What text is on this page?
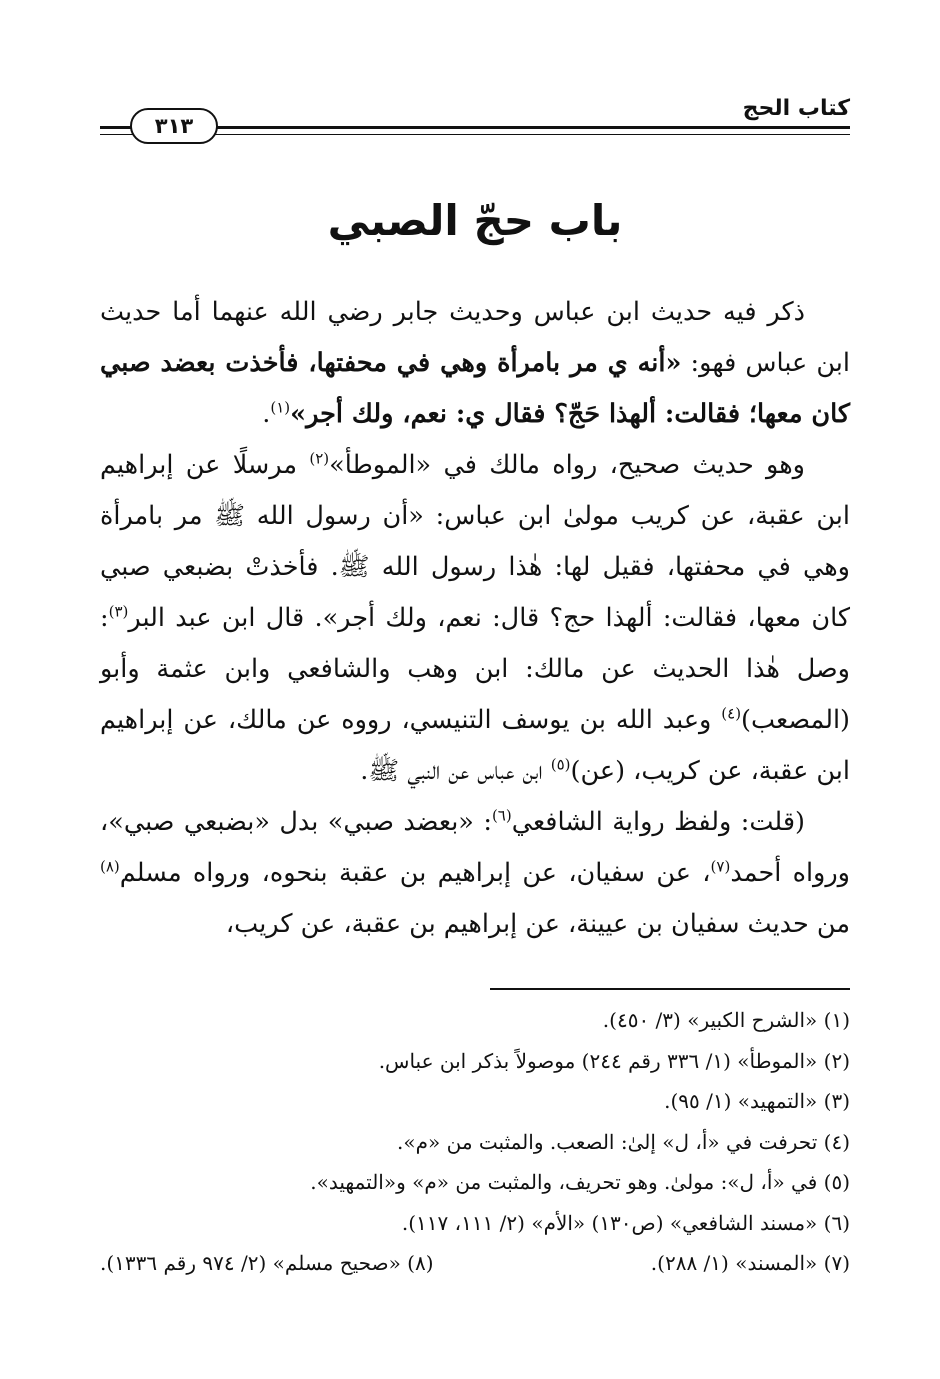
كتاب الحج
٣١٣
باب حجّ الصبي

ذكر فيه حديث ابن عباس وحديث جابر رضي الله عنهما أما حديث ابن عباس فهو: «أنه ي مر بامرأة وهي في محفتها، فأخذت بعضد صبي كان معها؛ فقالت: ألهذا حَجّ؟ فقال ي: نعم، ولك أجر»$^{(١)}$.

وهو حديث صحيح، رواه مالك في «الموطأ»$^{(٢)}$ مرسلًا عن إبراهيم ابن عقبة، عن كريب مولىٰ ابن عباس: «أن رسول الله ﷺ مر بامرأة وهي في محفتها، فقيل لها: هٰذا رسول الله ﷺ. فأخذتْ بضبعي صبي كان معها، فقالت: ألهذا حج؟ قال: نعم، ولك أجر». قال ابن عبد البر$^{(٣)}$: وصل هٰذا الحديث عن مالك: ابن وهب والشافعي وابن عثمة وأبو (المصعب)$^{(٤)}$ وعبد الله بن يوسف التنيسي، رووه عن مالك، عن إبراهيم ابن عقبة، عن كريب، (عن)$^{(٥)}$ ابن عباس عن النبي ﷺ.

(قلت: ولفظ رواية الشافعي$^{(٦)}$: «بعضد صبي» بدل «بضبعي صبي»، ورواه أحمد$^{(٧)}$، عن سفيان، عن إبراهيم بن عقبة بنحوه، ورواه مسلم$^{(٨)}$ من حديث سفيان بن عيينة، عن إبراهيم بن عقبة، عن كريب،

(١) «الشرح الكبير» (٣/ ٤٥٠).
(٢) «الموطأ» (١/ ٣٣٦ رقم ٢٤٤) موصولاً بذكر ابن عباس.
(٣) «التمهيد» (١/ ٩٥).
(٤) تحرفت في «أ، ل» إلىٰ: الصعب. والمثبت من «م».
(٥) في «أ، ل»: مولىٰ. وهو تحريف، والمثبت من «م» و«التمهيد».
(٦) «مسند الشافعي» (ص١٣٠) «الأم» (٢/ ١١١، ١١٧).
(٧) «المسند» (١/ ٢٨٨).
(٨) «صحيح مسلم» (٢/ ٩٧٤ رقم ١٣٣٦).
